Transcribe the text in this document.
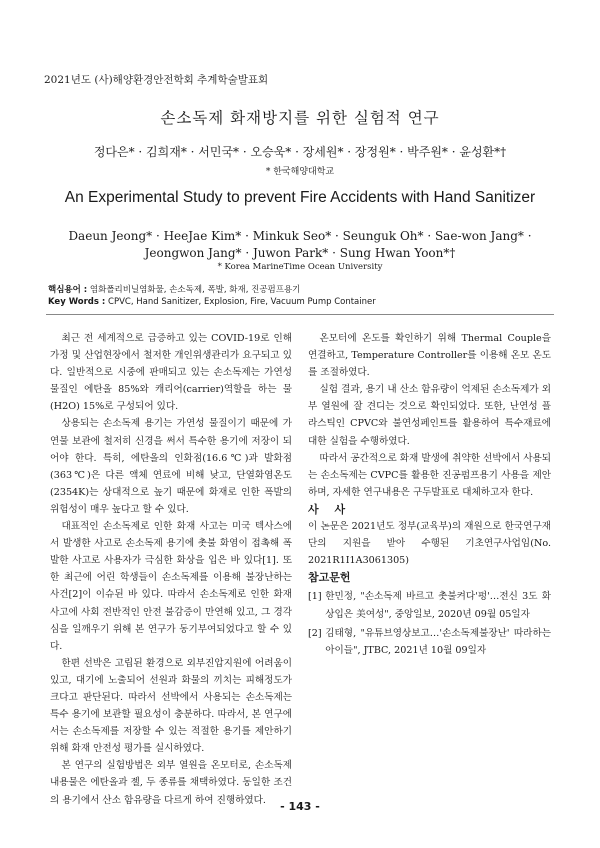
2021년도 (사)해양환경안전학회 추계학술발표회
손소독제 화재방지를 위한 실험적 연구
정다은* · 김희재* · 서민국* · 오승욱* · 장세원* · 장정원* · 박주원* · 윤성환*†
* 한국해양대학교
An Experimental Study to prevent Fire Accidents with Hand Sanitizer
Daeun Jeong* · HeeJae Kim* · Minkuk Seo* · Seunguk Oh* · Sae-won Jang* · Jeongwon Jang* · Juwon Park* · Sung Hwan Yoon*†
* Korea MarineTime Ocean University
핵심용어 : 염화폴리비닐염화물, 손소독제, 폭발, 화재, 진공펌프용기
Key Words : CPVC, Hand Sanitizer, Explosion, Fire, Vacuum Pump Container

최근 전 세계적으로 급증하고 있는 COVID-19로 인해 가정 및 산업현장에서 철저한 개인위생관리가 요구되고 있다. 일반적으로 시중에 판매되고 있는 손소독제는 가연성 물질인 에탄올 85%와 캐리어(carrier)역할을 하는 물(H2O) 15%로 구성되어 있다.

상용되는 손소독제 용기는 가연성 물질이기 때문에 가연물 보관에 철저히 신경을 써서 특수한 용기에 저장이 되어야 한다. 특히, 에탄올의 인화점(16.6℃)과 발화점(363℃)은 다른 액체 연료에 비해 낮고, 단열화염온도(2354K)는 상대적으로 높기 때문에 화재로 인한 폭발의 위험성이 매우 높다고 할 수 있다.

대표적인 손소독제로 인한 화재 사고는 미국 텍사스에서 발생한 사고로 손소독제 용기에 촛불 화염이 접촉해 폭발한 사고로 사용자가 극심한 화상을 입은 바 있다[1]. 또한 최근에 어린 학생들이 손소독제를 이용해 불장난하는 사건[2]이 이슈된 바 있다. 따라서 손소독제로 인한 화재 사고에 사회 전반적인 안전 불감증이 만연해 있고, 그 경각심을 일깨우기 위해 본 연구가 동기부여되었다고 할 수 있다.

한편 선박은 고립된 환경으로 외부진압지원에 어려움이 있고, 대기에 노출되어 선원과 화물의 끼치는 피해정도가 크다고 판단된다. 따라서 선박에서 사용되는 손소독제는 특수 용기에 보관할 필요성이 충분하다. 따라서, 본 연구에서는 손소독제를 저장할 수 있는 적절한 용기를 제안하기 위해 화재 안전성 평가를 실시하였다.

본 연구의 실험방법은 외부 열원을 온모터로, 손소독제내용물은 에탄올과 젤, 두 종류를 채택하였다. 동일한 조건의 용기에서 산소 함유량을 다르게 하여 진행하였다.

온모터에 온도를 확인하기 위해 Thermal Couple을 연결하고, Temperature Controller를 이용해 온모 온도를 조절하였다.

실험 결과, 용기 내 산소 함유량이 억제된 손소독제가 외부 열원에 잘 견디는 것으로 확인되었다. 또한, 난연성 플라스틱인 CPVC와 불연성페인트를 활용하여 특수재료에 대한 실험을 수행하였다.

따라서 공간적으로 화재 발생에 취약한 선박에서 사용되는 손소독제는 CVPC를 활용한 진공펌프용기 사용을 제안하며, 자세한 연구내용은 구두발표로 대체하고자 한다.

사 사

이 논문은 2021년도 정부(교육부)의 재원으로 한국연구재단의 지원을 받아 수행된 기초연구사업임(No. 2021R1I1A3061305)

참고문헌

[1] 한민정, "손소독제 바르고 촛불켜다'펑'…전신 3도 화상입은 美여성", 중앙일보, 2020년 09월 05일자

[2] 김태형, "유튜브영상보고…'손소독제불장난' 따라하는 아이들", JTBC, 2021년 10월 09일자

- 143 -
